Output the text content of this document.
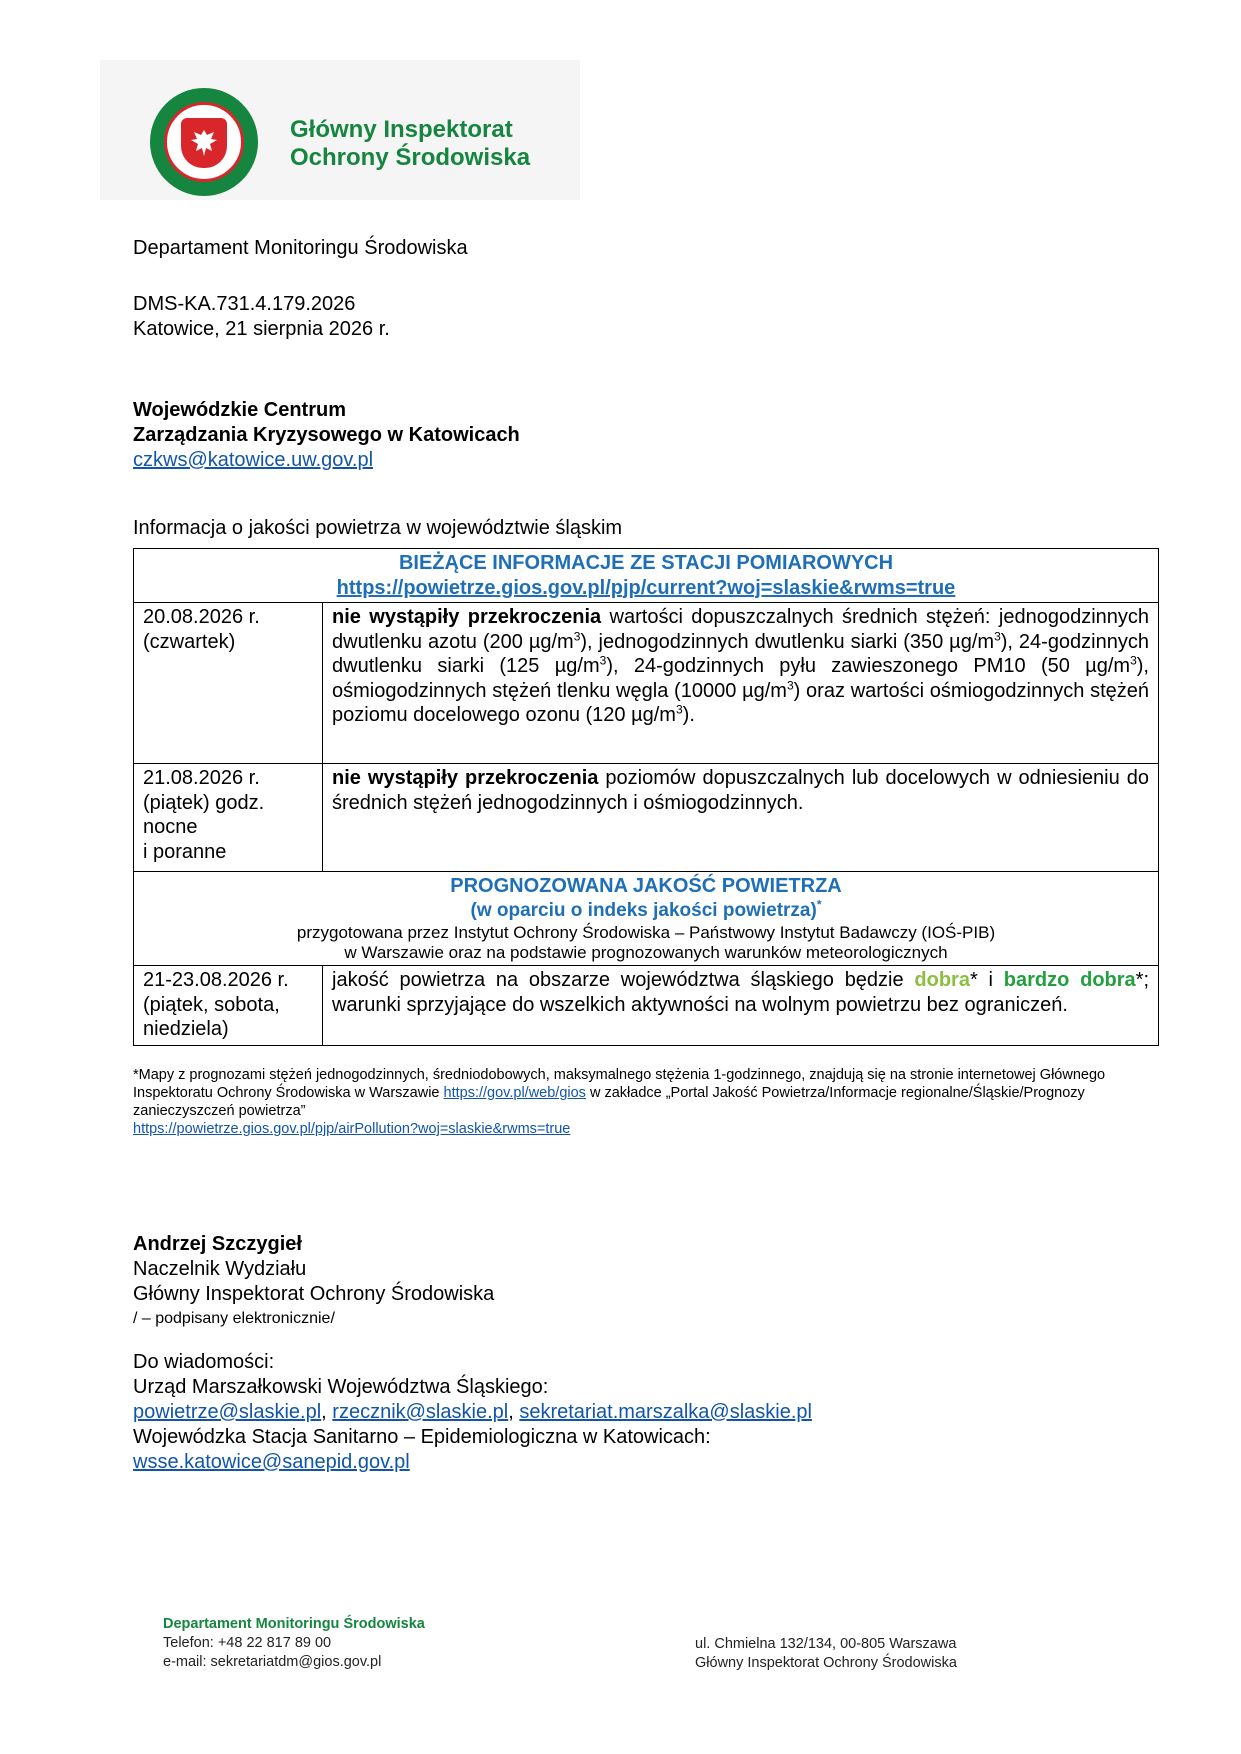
Główny Inspektorat
Ochrony Środowiska
Departament Monitoringu Środowiska
DMS-KA.731.4.179.2026
Katowice, 21 sierpnia 2026 r.
Wojewódzkie Centrum
Zarządzania Kryzysowego w Katowicach
czkws@katowice.uw.gov.pl
Informacja o jakości powietrza w województwie śląskim
BIEŻĄCE INFORMACJE ZE STACJI POMIAROWYCH
https://powietrze.gios.gov.pl/pjp/current?woj=slaskie&rwms=true	

20.08.2026 r.
(czwartek)	nie wystąpiły przekroczenia wartości dopuszczalnych średnich stężeń: jednogodzinnych dwutlenku azotu (200 $\mu g/m^3$), jednogodzinnych dwutlenku siarki (350 $\mu g/m^3$), 24-godzinnych dwutlenku siarki (125 $\mu g/m^3$), 24-godzinnych pyłu zawieszonego PM10 (50 $\mu g/m^3$), ośmiogodzinnych stężeń tlenku węgla (10000 $\mu g/m^3$) oraz wartości ośmiogodzinnych stężeń poziomu docelowego ozonu (120 $\mu g/m^3$).

21.08.2026 r.
(piątek) godz.
nocne
i poranne	nie wystąpiły przekroczenia poziomów dopuszczalnych lub docelowych w odniesieniu do średnich stężeń jednogodzinnych i ośmiogodzinnych.

PROGNOZOWANA JAKOŚĆ POWIETRZA
(w oparciu o indeks jakości powietrza)*
przygotowana przez Instytut Ochrony Środowiska – Państwowy Instytut Badawczy (IOŚ-PIB)
w Warszawie oraz na podstawie prognozowanych warunków meteorologicznych	

21-23.08.2026 r.
(piątek, sobota,
niedziela)	jakość powietrza na obszarze województwa śląskiego będzie dobra* i bardzo dobra*; warunki sprzyjające do wszelkich aktywności na wolnym powietrzu bez ograniczeń.
*Mapy z prognozami stężeń jednogodzinnych, średniodobowych, maksymalnego stężenia 1-godzinnego, znajdują się na stronie internetowej Głównego Inspektoratu Ochrony Środowiska w Warszawie https://gov.pl/web/gios w zakładce „Portal Jakość Powietrza/Informacje regionalne/Śląskie/Prognozy zanieczyszczeń powietrza”
https://powietrze.gios.gov.pl/pjp/airPollution?woj=slaskie&rwms=true
Andrzej Szczygieł
Naczelnik Wydziału
Główny Inspektorat Ochrony Środowiska
/ – podpisany elektronicznie/
Do wiadomości:
Urząd Marszałkowski Województwa Śląskiego:
powietrze@slaskie.pl, rzecznik@slaskie.pl, sekretariat.marszalka@slaskie.pl
Wojewódzka Stacja Sanitarno – Epidemiologiczna w Katowicach:
wsse.katowice@sanepid.gov.pl
Departament Monitoringu Środowiska
Telefon: +48 22 817 89 00
e-mail: sekretariatdm@gios.gov.pl
ul. Chmielna 132/134, 00-805 Warszawa
Główny Inspektorat Ochrony Środowiska
